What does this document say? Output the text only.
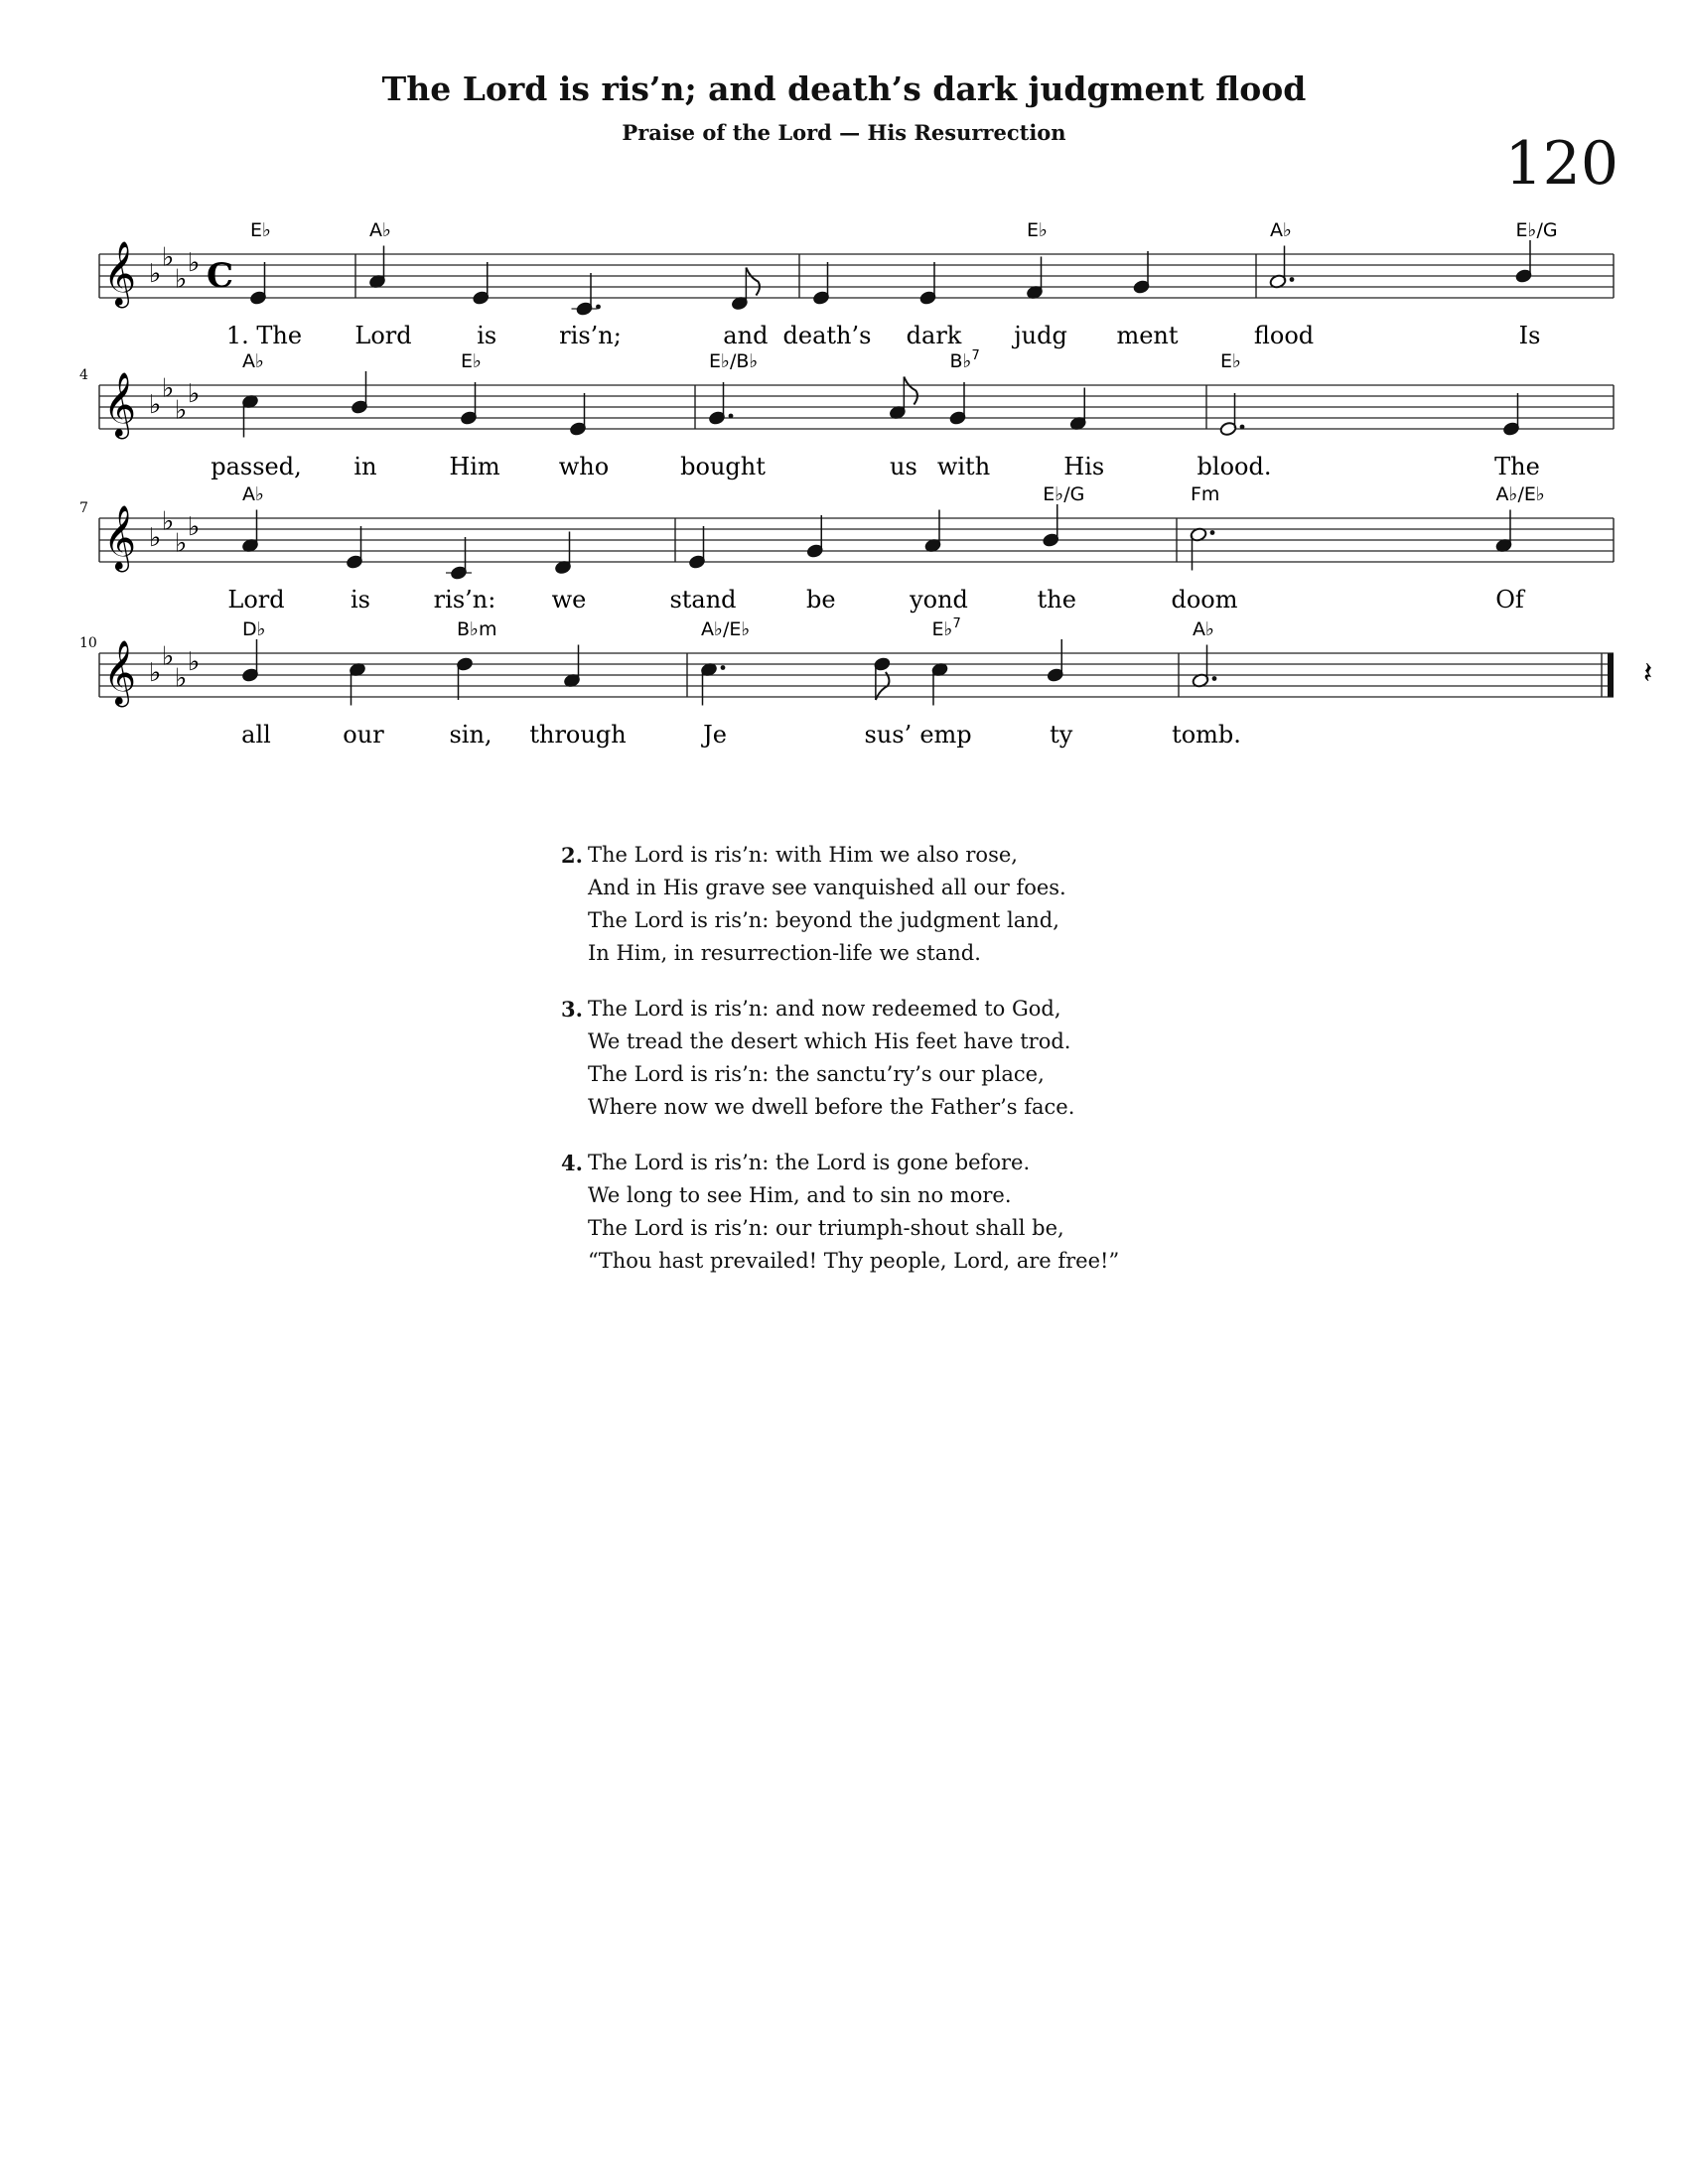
The Lord is ris’n; and death’s dark judgment flood
Praise of the Lord — His Resurrection	120
𝄞 ♭
♭
♭
♭ C
E♭
1. The
A♭
Lord	is	ris’n;	and death’s dark
E♭
judg ment
A♭
flood
E♭/G
Is
𝄞 ♭
♭
♭
♭
4
A♭
passed, in
E♭
Him who
E♭/B♭
bought	us
B♭$^7$
with	His
E♭
blood.	The
𝄞 ♭
♭
♭
♭
7
A♭
Lord	is	ris’n: we	stand	be	yond
E♭/G
the
Fm
doom
A♭/E♭
Of
𝄞 ♭
♭
♭
♭
10
D♭
all	our
B♭m
sin, through
A♭/E♭
Je	sus’
E♭$^7$
emp	ty
A♭
tomb.
𝄽
2. The Lord is ris’n: with Him we also rose,
And in His grave see vanquished all our foes.
The Lord is ris’n: beyond the judgment land,
In Him, in resurrection-life we stand.
3. The Lord is ris’n: and now redeemed to God,
We tread the desert which His feet have trod.
The Lord is ris’n: the sanctu’ry’s our place,
Where now we dwell before the Father’s face.
4. The Lord is ris’n: the Lord is gone before.
We long to see Him, and to sin no more.
The Lord is ris’n: our triumph-shout shall be,
“Thou hast prevailed! Thy people, Lord, are free!”
